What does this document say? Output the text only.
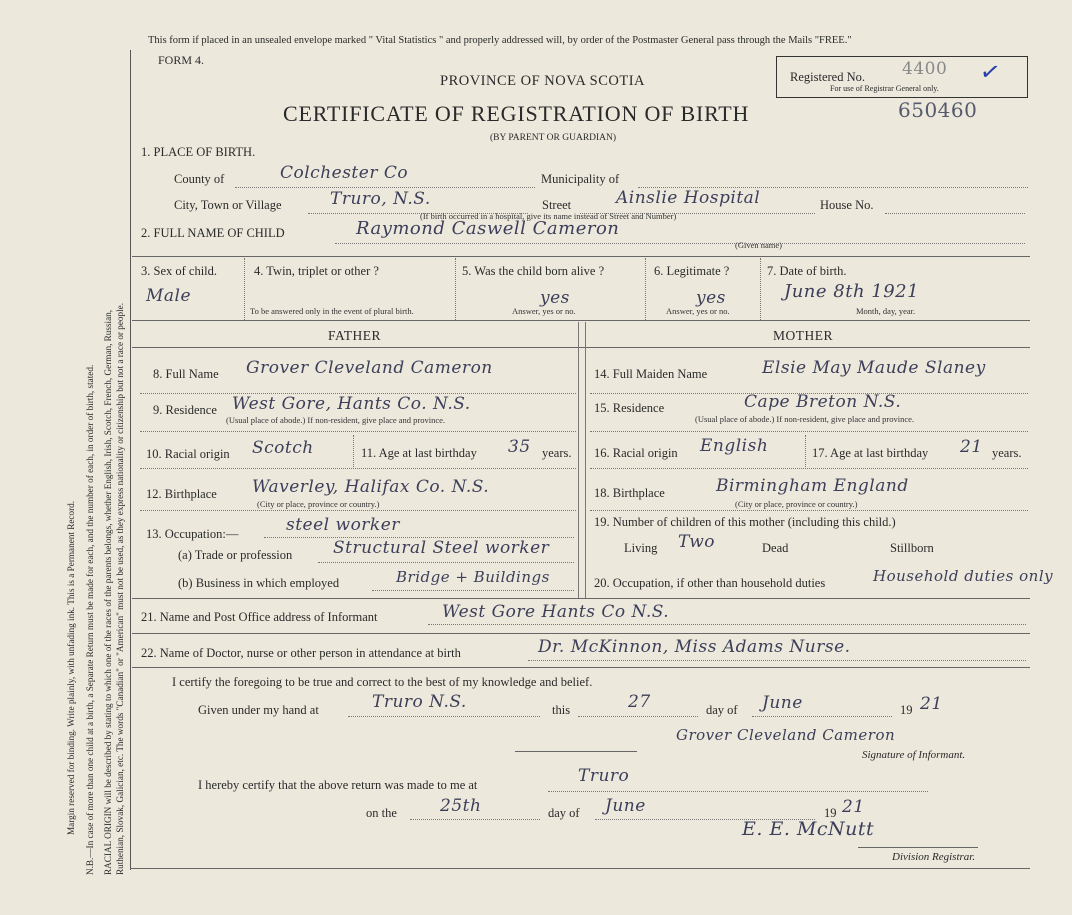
Margin reserved for binding. Write plainly, with unfading ink. This is a Permanent Record. N.B.—In case of more than one child at a birth, a Separate Return must be made for each, and the number of each, in order of birth, stated. RACIAL ORIGIN will be described by stating to which one of the races of the parents belongs, whether English, Irish, Scotch, French, German, Russian, Ruthenian, Slovak, Galician, etc. The words "Canadian" or "American" must not be used, as they express nationality or citizenship but not a race or people.
This form if placed in an unsealed envelope marked " Vital Statistics " and properly addressed will, by order of the Postmaster General pass through the Mails "FREE."
FORM 4.
PROVINCE OF NOVA SCOTIA
CERTIFICATE OF REGISTRATION OF BIRTH
(BY PARENT OR GUARDIAN)
650460
Registered No. 4400 ✓
For use of Registrar General only.
1. PLACE OF BIRTH.
County of	Colchester Co	Municipality of
City, Town or Village	Truro, N.S.	Street	Ainslie Hospital	House No.
(If birth occurred in a hospital, give its name instead of Street and Number)
2. FULL NAME OF CHILD	Raymond Caswell Cameron
(Given name)
3. Sex of child.
Male
4. Twin, triplet or other ?
To be answered only in the event of plural birth.
5. Was the child born alive ?
yes
Answer, yes or no.
6. Legitimate ?
yes
Answer, yes or no.
7. Date of birth.
June 8th 1921
Month, day, year.
FATHER	MOTHER
8. Full Name Grover Cleveland Cameron
9. Residence West Gore, Hants Co. N.S.
(Usual place of abode.) If non-resident, give place and province.
10. Racial origin Scotch	11. Age at last birthday 35 years.
12. Birthplace Waverley, Halifax Co. N.S.
(City or place, province or country.)
13. Occupation:—	steel worker
(a) Trade or profession Structural Steel worker
(b) Business in which employed	Bridge + Buildings
14. Full Maiden Name	Elsie May Maude Slaney
15. Residence	Cape Breton N.S.
(Usual place of abode.) If non-resident, give place and province.
16. Racial origin English	17. Age at last birthday 21 years.
18. Birthplace	Birmingham England
(City or place, province or country.)
19. Number of children of this mother (including this child.)
Living Two	Dead	Stillborn
20. Occupation, if other than household duties	Household duties only
21. Name and Post Office address of Informant	West Gore Hants Co N.S.
22. Name of Doctor, nurse or other person in attendance at birth	Dr. McKinnon, Miss Adams Nurse.
I certify the foregoing to be true and correct to the best of my knowledge and belief.
Given under my hand at	Truro N.S.	this	27	day of June	19 21
Grover Cleveland Cameron
Signature of Informant.
I hereby certify that the above return was made to me at	Truro
on the	25th	day of June	19 21
E. E. McNutt
Division Registrar.
